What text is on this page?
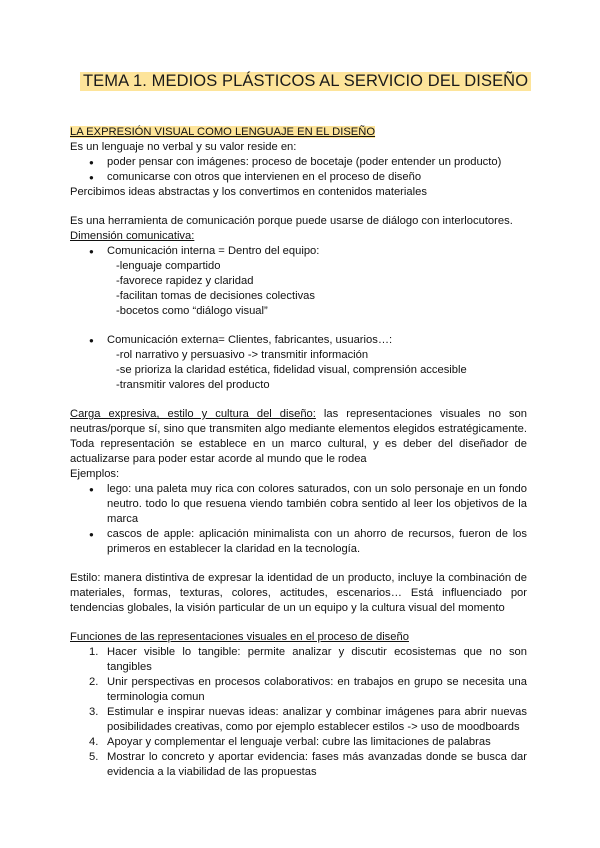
TEMA 1. MEDIOS PLÁSTICOS AL SERVICIO DEL DISEÑO

LA EXPRESIÓN VISUAL COMO LENGUAJE EN EL DISEÑO

Es un lenguaje no verbal y su valor reside en:

● poder pensar con imágenes: proceso de bocetaje (poder entender un producto)
● comunicarse con otros que intervienen en el proceso de diseño

Percibimos ideas abstractas y los convertimos en contenidos materiales

Es una herramienta de comunicación porque puede usarse de diálogo con interlocutores.

Dimensión comunicativa:

● Comunicación interna = Dentro del equipo:

-lenguaje compartido

-favorece rapidez y claridad

-facilitan tomas de decisiones colectivas

-bocetos como “diálogo visual”

● Comunicación externa= Clientes, fabricantes, usuarios…:

-rol narrativo y persuasivo -> transmitir información

-se prioriza la claridad estética, fidelidad visual, comprensión accesible

-transmitir valores del producto

Carga expresiva, estilo y cultura del diseño: las representaciones visuales no son neutras/porque sí, sino que transmiten algo mediante elementos elegidos estratégicamente. Toda representación se establece en un marco cultural, y es deber del diseñador de actualizarse para poder estar acorde al mundo que le rodea

Ejemplos:

● lego: una paleta muy rica con colores saturados, con un solo personaje en un fondo neutro. todo lo que resuena viendo también cobra sentido al leer los objetivos de la marca
● cascos de apple: aplicación minimalista con un ahorro de recursos, fueron de los primeros en establecer la claridad en la tecnología.

Estilo: manera distintiva de expresar la identidad de un producto, incluye la combinación de materiales, formas, texturas, colores, actitudes, escenarios… Está influenciado por tendencias globales, la visión particular de un un equipo y la cultura visual del momento

Funciones de las representaciones visuales en el proceso de diseño

1. Hacer visible lo tangible: permite analizar y discutir ecosistemas que no son tangibles
2. Unir perspectivas en procesos colaborativos: en trabajos en grupo se necesita una terminologia comun
3. Estimular e inspirar nuevas ideas: analizar y combinar imágenes para abrir nuevas posibilidades creativas, como por ejemplo establecer estilos -> uso de moodboards
4. Apoyar y complementar el lenguaje verbal: cubre las limitaciones de palabras
5. Mostrar lo concreto y aportar evidencia: fases más avanzadas donde se busca dar evidencia a la viabilidad de las propuestas
